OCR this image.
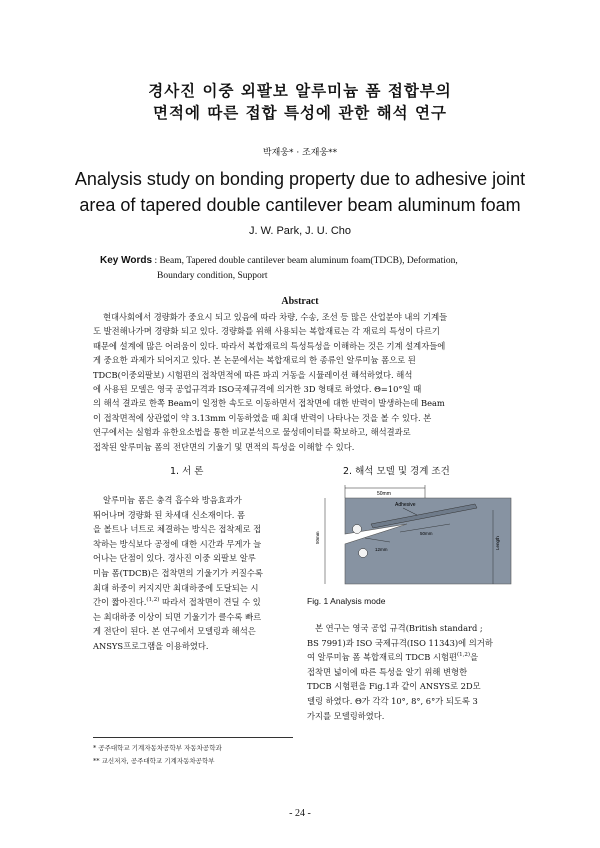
경사진 이중 외팔보 알루미늄 폼 접합부의
면적에 따른 접합 특성에 관한 해석 연구
박재웅* · 조재웅**
Analysis study on bonding property due to adhesive joint
area of tapered double cantilever beam aluminum foam
J. W. Park, J. U. Cho
Key Words : Beam, Tapered double cantilever beam aluminum foam(TDCB), Deformation,
Boundary condition, Support
Abstract
현대사회에서 경량화가 중요시 되고 있음에 따라 차량, 수송, 조선 등 많은 산업분야 내의 기계들
도 발전해나가며 경량화 되고 있다. 경량화를 위해 사용되는 복합재료는 각 재료의 특성이 다르기
때문에 설계에 많은 어려움이 있다. 따라서 복합재료의 특성특성을 이해하는 것은 기계 설계자들에
게 중요한 과제가 되어지고 있다. 본 논문에서는 복합재료의 한 종류인 알루미늄 폼으로 된
TDCB(이중외팔보) 시험편의 접착면적에 따른 파괴 거동을 시뮬레이션 해석하였다. 해석
에 사용된 모델은 영국 공업규격과 ISO국제규격에 의거한 3D 형태로 하였다. Θ=10°일 때
의 해석 결과로 한쪽 Beam이 일정한 속도로 이동하면서 접착면에 대한 반력이 발생하는데 Beam
이 접착면적에 상관없이 약 3.13mm 이동하였을 때 최대 반력이 나타나는 것을 볼 수 있다. 본
연구에서는 실험과 유한요소법을 통한 비교분석으로 물성데이터를 확보하고, 해석결과로
접착된 알루미늄 폼의 전단면의 기울기 및 면적의 특성을 이해할 수 있다.
1. 서 론	2. 해석 모델 및 경계 조건
알루미늄 폼은 충격 흡수와 방음효과가
뛰어나며 경량화 된 차세대 신소재이다. 폼
을 볼트나 너트로 체결하는 방식은 접착제로 접
착하는 방식보다 공정에 대한 시간과 무게가 늘
어나는 단점이 있다. 경사진 이중 외팔보 알루
미늄 폼(TDCB)은 접착면의 기울기가 커질수록
최대 하중이 커지지만 최대하중에 도달되는 시
간이 짧아진다.$^{(1,2)}$ 따라서 접착면이 견딜 수 있
는 최대하중 이상이 되면 기울기가 클수록 빠르
게 전단이 된다. 본 연구에서 모델링과 해석은
ANSYS프로그램을 이용하였다.
50mm
Adhesive
12mm
50mm
50mm	Length
Fig. 1 Analysis mode
본 연구는 영국 공업 규격(British standard ;
BS 7991)과 ISO 국제규격(ISO 11343)에 의거하
여 알루미늄 폼 복합재료의 TDCB 시험편$^{(1,2)}$을
접착면 넓이에 따른 특성을 알기 위해 변형한
TDCB 시험편을 Fig.1과 같이 ANSYS로 2D모
델링 하였다. Θ가 각각 10°, 8°, 6°가 되도록 3
가지를 모델링하였다.
* 공주대학교 기계자동차공학부 자동차공학과
** 교신저자, 공주대학교 기계자동차공학부
- 24 -
